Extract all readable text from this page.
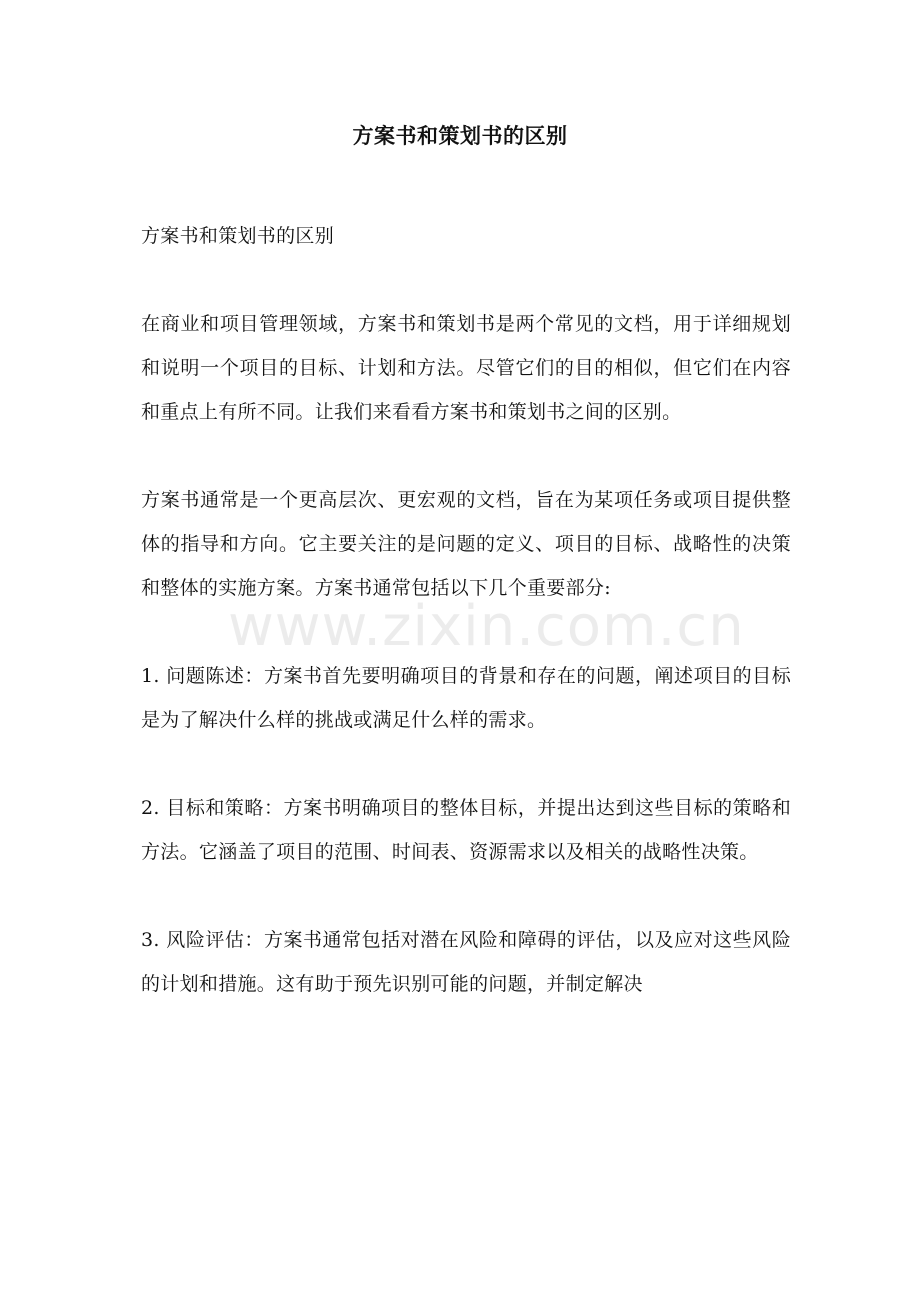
方案书和策划书的区别

方案书和策划书的区别

在商业和项目管理领域，方案书和策划书是两个常见的文档，用于详细规划和说明一个项目的目标、计划和方法。尽管它们的目的相似，但它们在内容和重点上有所不同。让我们来看看方案书和策划书之间的区别。

方案书通常是一个更高层次、更宏观的文档，旨在为某项任务或项目提供整体的指导和方向。它主要关注的是问题的定义、项目的目标、战略性的决策和整体的实施方案。方案书通常包括以下几个重要部分:

1. 问题陈述：方案书首先要明确项目的背景和存在的问题，阐述项目的目标是为了解决什么样的挑战或满足什么样的需求。

2. 目标和策略：方案书明确项目的整体目标，并提出达到这些目标的策略和方法。它涵盖了项目的范围、时间表、资源需求以及相关的战略性决策。

3. 风险评估：方案书通常包括对潜在风险和障碍的评估，以及应对这些风险的计划和措施。这有助于预先识别可能的问题，并制定解决

www.zixin.com.cn
